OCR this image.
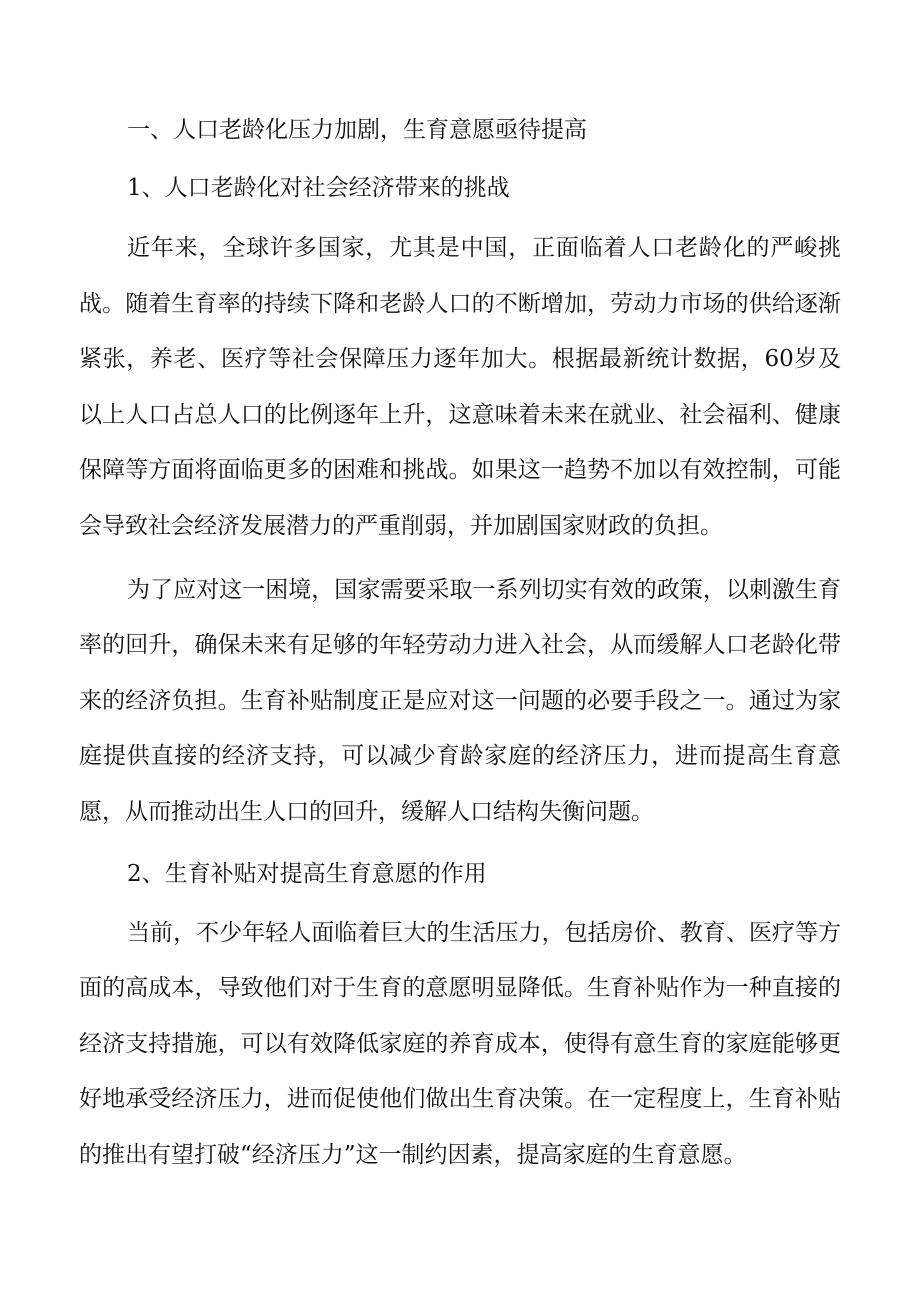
一、人口老龄化压力加剧，生育意愿亟待提高

1、人口老龄化对社会经济带来的挑战

近年来，全球许多国家，尤其是中国，正面临着人口老龄化的严峻挑战。随着生育率的持续下降和老龄人口的不断增加，劳动力市场的供给逐渐紧张，养老、医疗等社会保障压力逐年加大。根据最新统计数据，60岁及以上人口占总人口的比例逐年上升，这意味着未来在就业、社会福利、健康保障等方面将面临更多的困难和挑战。如果这一趋势不加以有效控制，可能会导致社会经济发展潜力的严重削弱，并加剧国家财政的负担。

为了应对这一困境，国家需要采取一系列切实有效的政策，以刺激生育率的回升，确保未来有足够的年轻劳动力进入社会，从而缓解人口老龄化带来的经济负担。生育补贴制度正是应对这一问题的必要手段之一。通过为家庭提供直接的经济支持，可以减少育龄家庭的经济压力，进而提高生育意愿，从而推动出生人口的回升，缓解人口结构失衡问题。

2、生育补贴对提高生育意愿的作用

当前，不少年轻人面临着巨大的生活压力，包括房价、教育、医疗等方面的高成本，导致他们对于生育的意愿明显降低。生育补贴作为一种直接的经济支持措施，可以有效降低家庭的养育成本，使得有意生育的家庭能够更好地承受经济压力，进而促使他们做出生育决策。在一定程度上，生育补贴的推出有望打破“经济压力”这一制约因素，提高家庭的生育意愿。
